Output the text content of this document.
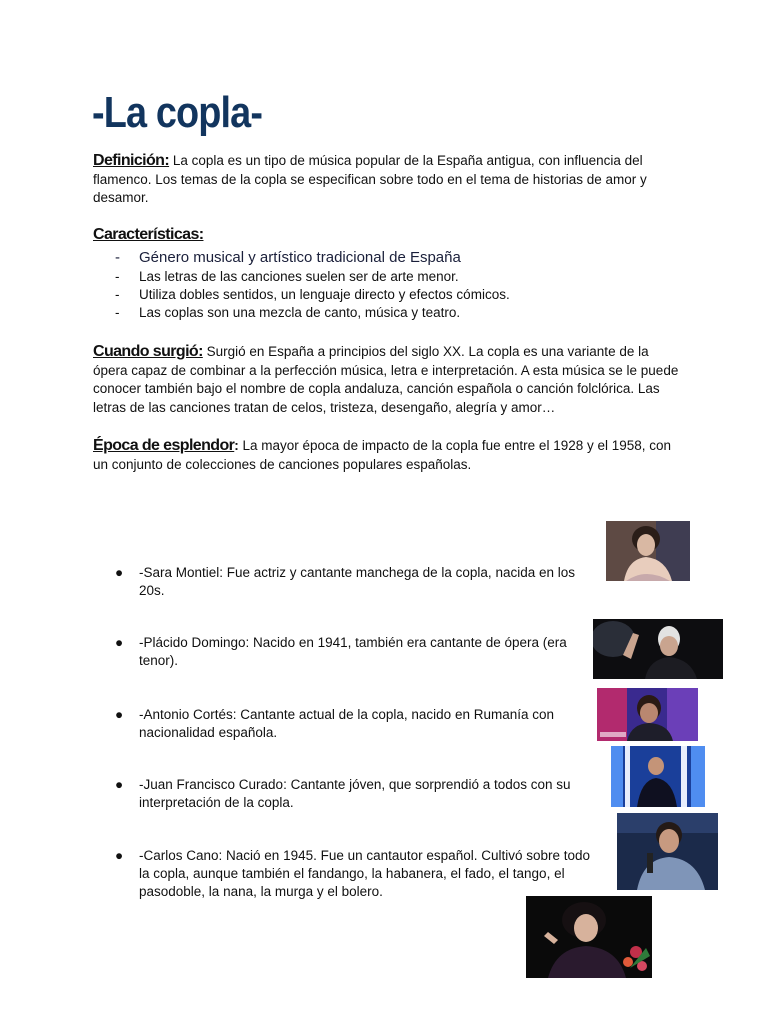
-La copla-

Definición: La copla es un tipo de música popular de la España antigua, con influencia del flamenco. Los temas de la copla se especifican sobre todo en el tema de historias de amor y desamor.

Características:
- Género musical y artístico tradicional de España
- Las letras de las canciones suelen ser de arte menor.
- Utiliza dobles sentidos, un lenguaje directo y efectos cómicos.
- Las coplas son una mezcla de canto, música y teatro.

Cuando surgió: Surgió en España a principios del siglo XX. La copla es una variante de la ópera capaz de combinar a la perfección música, letra e interpretación. A esta música se le puede conocer también bajo el nombre de copla andaluza, canción española o canción folclórica. Las letras de las canciones tratan de celos, tristeza, desengaño, alegría y amor…

Época de esplendor: La mayor época de impacto de la copla fue entre el 1928 y el 1958, con un conjunto de colecciones de canciones populares españolas.

● -Sara Montiel: Fue actriz y cantante manchega de la copla, nacida en los 20s.
● -Plácido Domingo: Nacido en 1941, también era cantante de ópera (era tenor).
● -Antonio Cortés: Cantante actual de la copla, nacido en Rumanía con nacionalidad española.
● -Juan Francisco Curado: Cantante jóven, que sorprendió a todos con su interpretación de la copla.
● -Carlos Cano: Nació en 1945. Fue un cantautor español. Cultivó sobre todo la copla, aunque también el fandango, la habanera, el fado, el tango, el pasodoble, la nana, la murga y el bolero.
